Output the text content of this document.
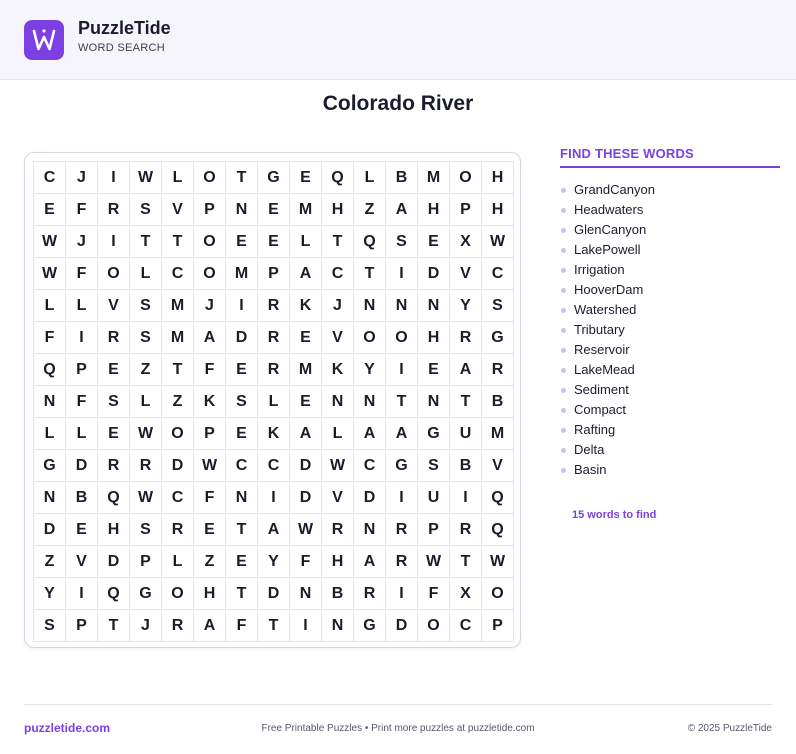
PuzzleTide
WORD SEARCH
Colorado River
C	J	I	W	L	O	T	G	E	Q	L	B	M	O	H
E	F	R	S	V	P	N	E	M	H	Z	A	H	P	H
W	J	I	T	T	O	E	E	L	T	Q	S	E	X	W
W	F	O	L	C	O	M	P	A	C	T	I	D	V	C
L	L	V	S	M	J	I	R	K	J	N	N	N	Y	S
F	I	R	S	M	A	D	R	E	V	O	O	H	R	G
Q	P	E	Z	T	F	E	R	M	K	Y	I	E	A	R
N	F	S	L	Z	K	S	L	E	N	N	T	N	T	B
L	L	E	W	O	P	E	K	A	L	A	A	G	U	M
G	D	R	R	D	W	C	C	D	W	C	G	S	B	V
N	B	Q	W	C	F	N	I	D	V	D	I	U	I	Q
D	E	H	S	R	E	T	A	W	R	N	R	P	R	Q
Z	V	D	P	L	Z	E	Y	F	H	A	R	W	T	W
Y	I	Q	G	O	H	T	D	N	B	R	I	F	X	O
S	P	T	J	R	A	F	T	I	N	G	D	O	C	P
FIND THESE WORDS
GrandCanyon
Headwaters
GlenCanyon
LakePowell
Irrigation
HooverDam
Watershed
Tributary
Reservoir
LakeMead
Sediment
Compact
Rafting
Delta
Basin
15 words to find
puzzletide.com	Free Printable Puzzles • Print more puzzles at puzzletide.com	© 2025 PuzzleTide
